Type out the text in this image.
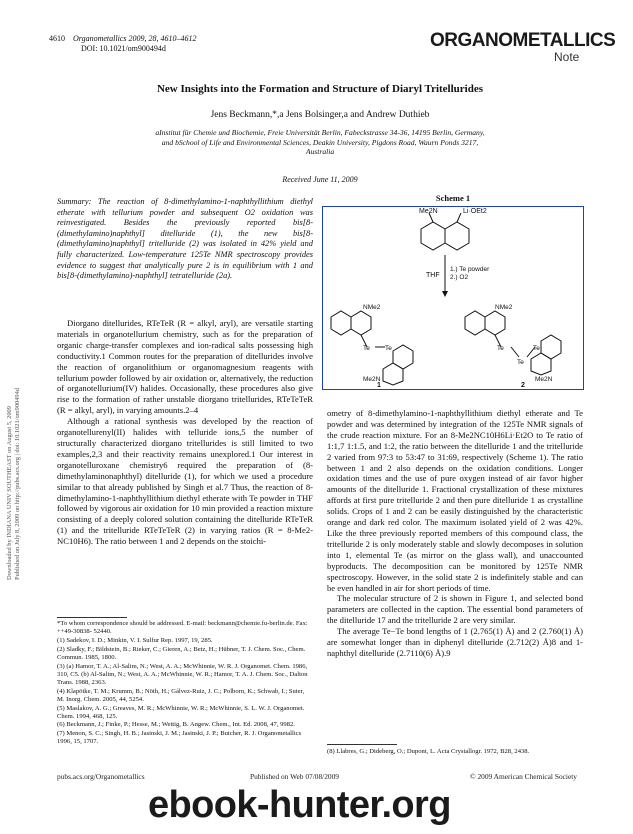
Downloaded by INDIANA UNIV SOUTHEAST on August 5, 2009 Published on July 8, 2009 on http://pubs.acs.org | doi: 10.1021/om900494d
4610 Organometallics 2009, 28, 4610–4612
DOI: 10.1021/om900494d	ORGANOMETALLICS
Note
New Insights into the Formation and Structure of Diaryl Tritellurides
Jens Beckmann,*,a Jens Bolsinger,a and Andrew Duthieb
aInstitut für Chemie und Biochemie, Freie Universität Berlin, Fabeckstrasse 34-36, 14195 Berlin, Germany,
and bSchool of Life and Environmental Sciences, Deakin University, Pigdons Road, Waurn Ponds 3217,
Australia
Received June 11, 2009
Summary: The reaction of 8-dimethylamino-1-naphthyllithium diethyl etherate with tellurium powder and subsequent O2 oxidation was reinvestigated. Besides the previously reported bis[8-(dimethylamino)naphthyl] ditelluride (1), the new bis[8-(dimethylamino)naphthyl] tritelluride (2) was isolated in 42% yield and fully characterized. Low-temperature 125Te NMR spectroscopy provides evidence to suggest that analytically pure 2 is in equilibrium with 1 and bis[8-(dimethylamino)-naphthyl] tetratelluride (2a).

Diorgano ditellurides, RTeTeR (R = alkyl, aryl), are versatile starting materials in organotellurium chemistry, such as for the preparation of organic charge-transfer complexes and ion-radical salts possessing high conductivity.1 Common routes for the preparation of ditellurides involve the reaction of organolithium or organomagnesium reagents with tellurium powder followed by air oxidation or, alternatively, the reduction of organotellurium(IV) halides. Occasionally, these procedures also give rise to the formation of rather unstable diorgano tritellurides, RTeTeTeR (R = alkyl, aryl), in varying amounts.2–4

Although a rational synthesis was developed by the reaction of organotellurenyl(II) halides with telluride ions,5 the number of structurally characterized diorgano tritellurides is still limited to two examples,2,3 and their reactivity remains unexplored.1 Our interest in organotelluroxane chemistry6 required the preparation of (8-dimethylaminonaphthyl) ditelluride (1), for which we used a procedure similar to that already published by Singh et al.7 Thus, the reaction of 8-dimethylamino-1-naphthyllithium diethyl etherate with Te powder in THF followed by vigorous air oxidation for 10 min provided a reaction mixture consisting of a deeply colored solution containing the ditelluride RTeTeR (1) and the tritelluride RTeTeTeR (2) in varying ratios (R = 8-Me2-NC10H6). The ratio between 1 and 2 depends on the stoichi-

*To whom correspondence should be addressed. E-mail: beckmann@chemie.fu-berlin.de. Fax: ++49-30838- 52440.

(1) Sadekov, I. D.; Minkin, V. I. Sulfur Rep. 1997, 19, 285.

(2) Sladky, F.; Bildstein, B.; Rieker, C.; Gieren, A.; Betz, H.; Hübner, T. J. Chem. Soc., Chem. Commun. 1985, 1800.

(3) (a) Hamor, T. A.; Al-Salim, N.; West, A. A.; McWhinnie, W. R. J. Organomet. Chem. 1986, 310, C5. (b) Al-Salim, N.; West, A. A.; McWhinnie, W. R.; Hamor, T. A. J. Chem. Soc., Dalton Trans. 1988, 2363.

(4) Klapötke, T. M.; Krumm, B.; Nöth, H.; Gálvez-Ruiz, J. C.; Polborn, K.; Schwab, I.; Suter, M. Inorg. Chem. 2005, 44, 5254.

(5) Maslakov, A. G.; Greaves, M. R.; McWhinnie, W. R.; McWhinnie, S. L. W. J. Organomet. Chem. 1994, 468, 125.

(6) Beckmann, J.; Finke, P.; Hesse, M.; Wettig, B. Angew. Chem., Int. Ed. 2008, 47, 9982.

(7) Menon, S. C.; Singh, H. B.; Jasinski, J. M.; Jasinski, J. P.; Butcher, R. J. Organometallics 1996, 15, 1707.

Scheme 1
Me2N	Li·OEt2
THF
1.) Te powder
2.) O2
NMe2
Te Te
Me2N
1
NMe2
Te
Te
Te
Me2N
2

ometry of 8-dimethylamino-1-naphthyllithium diethyl etherate and Te powder and was determined by integration of the 125Te NMR signals of the crude reaction mixture. For an 8-Me2NC10H6Li·Et2O to Te ratio of 1:1,7 1:1.5, and 1:2, the ratio between the ditelluride 1 and the tritelluride 2 varied from 97:3 to 53:47 to 31:69, respectively (Scheme 1). The ratio between 1 and 2 also depends on the oxidation conditions. Longer oxidation times and the use of pure oxygen instead of air favor higher amounts of the ditelluride 1. Fractional crystallization of these mixtures affords at first pure tritelluride 2 and then pure ditelluride 1 as crystalline solids. Crops of 1 and 2 can be easily distinguished by the characteristic orange and dark red color. The maximum isolated yield of 2 was 42%. Like the three previously reported members of this compound class, the tritelluride 2 is only moderately stable and slowly decomposes in solution into 1, elemental Te (as mirror on the glass wall), and unaccounted byproducts. The decomposition can be monitored by 125Te NMR spectroscopy. However, in the solid state 2 is indefinitely stable and can be even handled in air for short periods of time.

The molecular structure of 2 is shown in Figure 1, and selected bond parameters are collected in the caption. The essential bond parameters of the ditelluride 17 and the tritelluride 2 are very similar.

The average Te−Te bond lengths of 1 (2.765(1) Å) and 2 (2.760(1) Å) are somewhat longer than in diphenyl ditelluride (2.712(2) Å)8 and 1-naphthyl ditelluride (2.7110(6) Å).9

(8) Llabres, G.; Dideberg, O.; Dupont, L. Acta Crystallogr. 1972, B28, 2438.
pubs.acs.org/Organometallics	Published on Web 07/08/2009	© 2009 American Chemical Society
ebook-hunter.org
